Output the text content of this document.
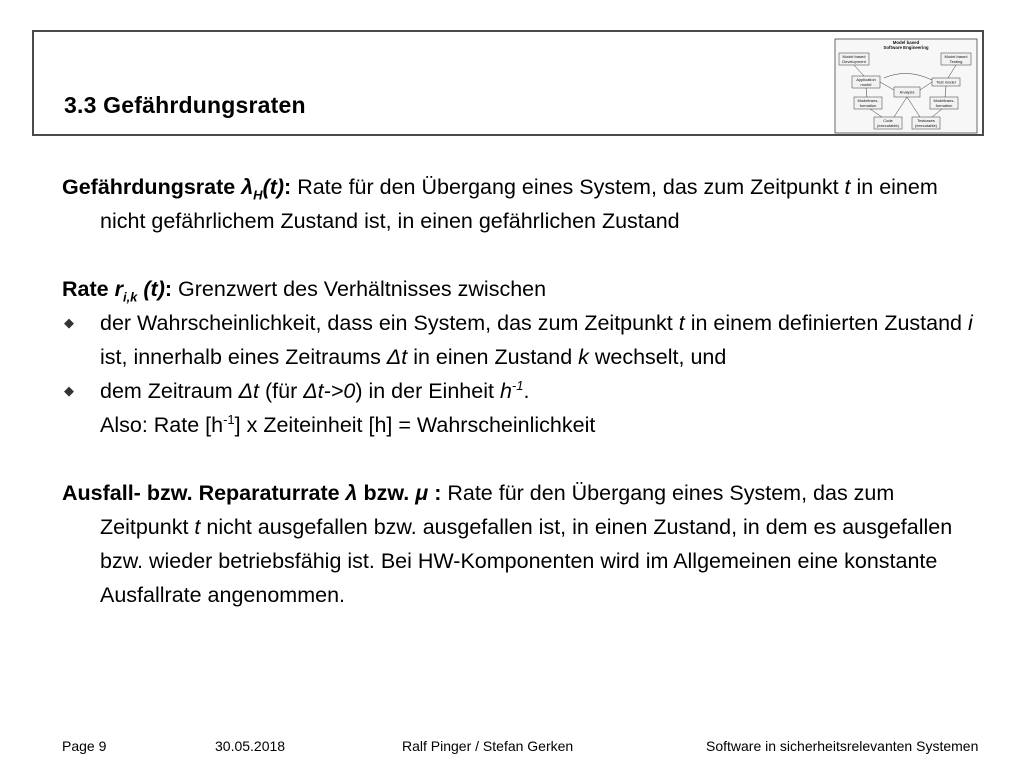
3.3 Gefährdungsraten
Model based
Software Engineering
Model based
Development
Model based
Testing
Application
model	Test model
Analysis
Modeltrans-
formation
Modeltrans-
formation
Code
(executable)
Testcases
(executable)

Gefährdungsrate $\lambda_H(t)$: Rate für den Übergang eines System, das zum Zeitpunkt t in einem nicht gefährlichem Zustand ist, in einen gefährlichen Zustand

Rate $r_{i,k}$ (t): Grenzwert des Verhältnisses zwischen

◆ der Wahrscheinlichkeit, dass ein System, das zum Zeitpunkt t in einem definierten Zustand i ist, innerhalb eines Zeitraums Δt in einen Zustand k wechselt, und
◆ dem Zeitraum Δt (für Δt->0) in der Einheit $h^{-1}$.

Also: Rate $[h^{-1}]$ x Zeiteinheit [h] = Wahrscheinlichkeit

Ausfall- bzw. Reparaturrate λ bzw. μ : Rate für den Übergang eines System, das zum Zeitpunkt t nicht ausgefallen bzw. ausgefallen ist, in einen Zustand, in dem es ausgefallen bzw. wieder betriebsfähig ist. Bei HW-Komponenten wird im Allgemeinen eine konstante Ausfallrate angenommen.

Page 9	30.05.2018	Ralf Pinger / Stefan Gerken	Software in sicherheitsrelevanten Systemen
